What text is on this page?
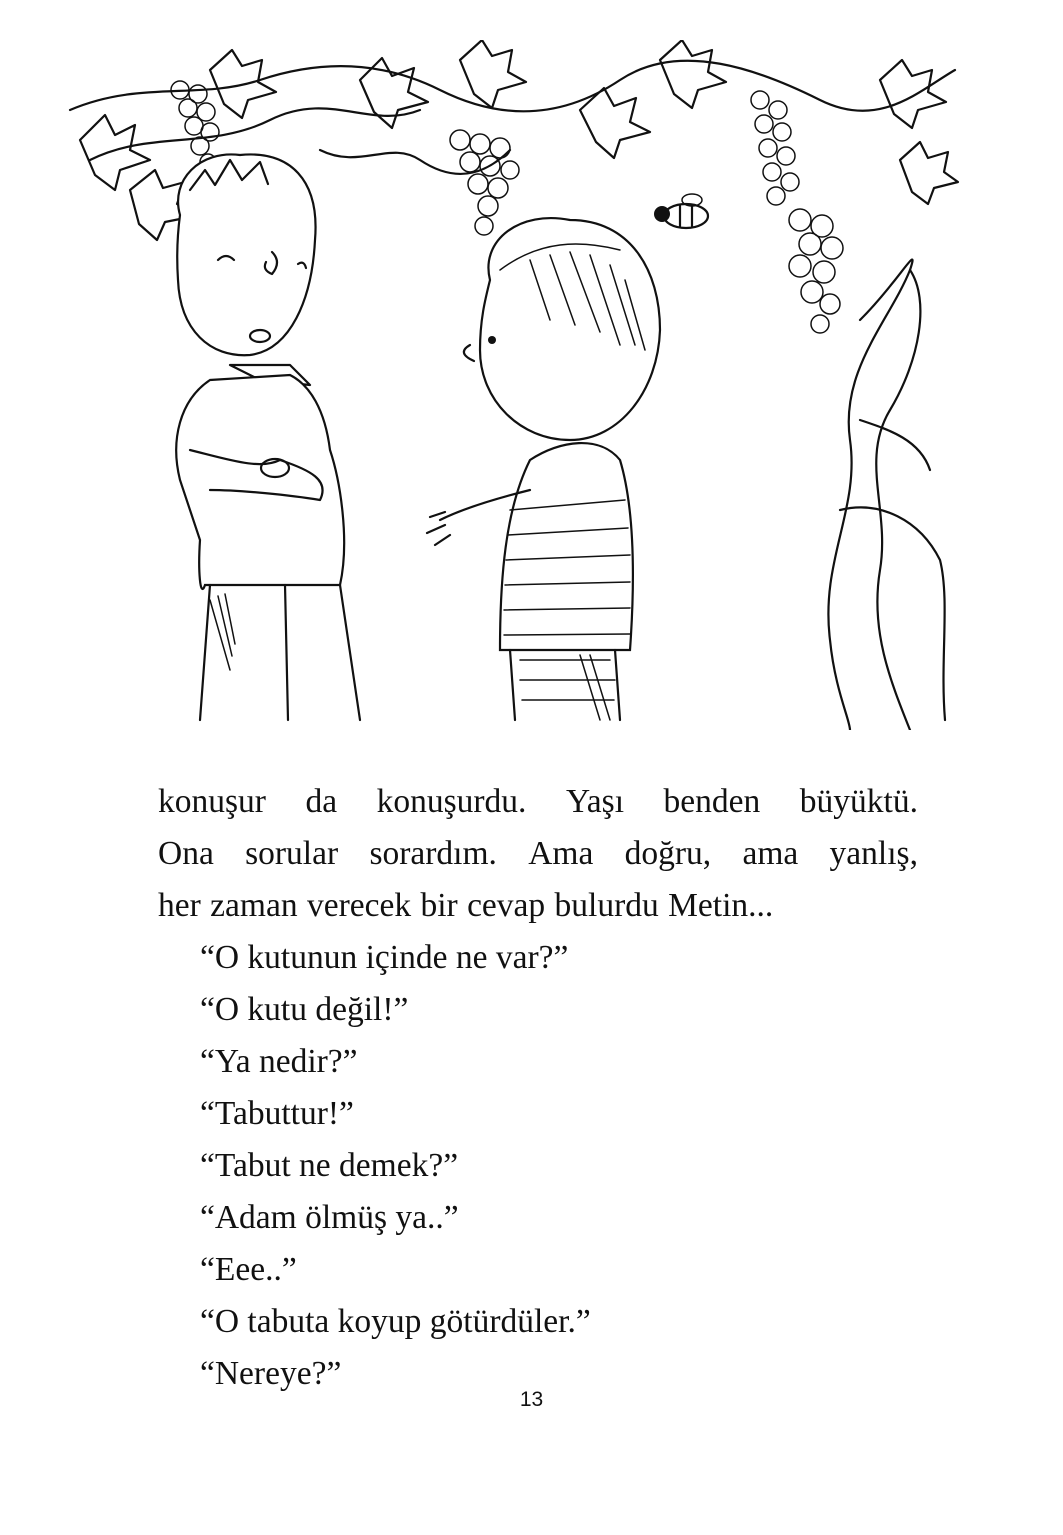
konuşur da konuşurdu. Yaşı benden büyüktü.
Ona sorular sorardım. Ama doğru, ama yanlış,
her zaman verecek bir cevap bulurdu Metin...
“O kutunun içinde ne var?”
“O kutu değil!”
“Ya nedir?”
“Tabuttur!”
“Tabut ne demek?”
“Adam ölmüş ya..”
“Eee..”
“O tabuta koyup götürdüler.”
“Nereye?”
13
